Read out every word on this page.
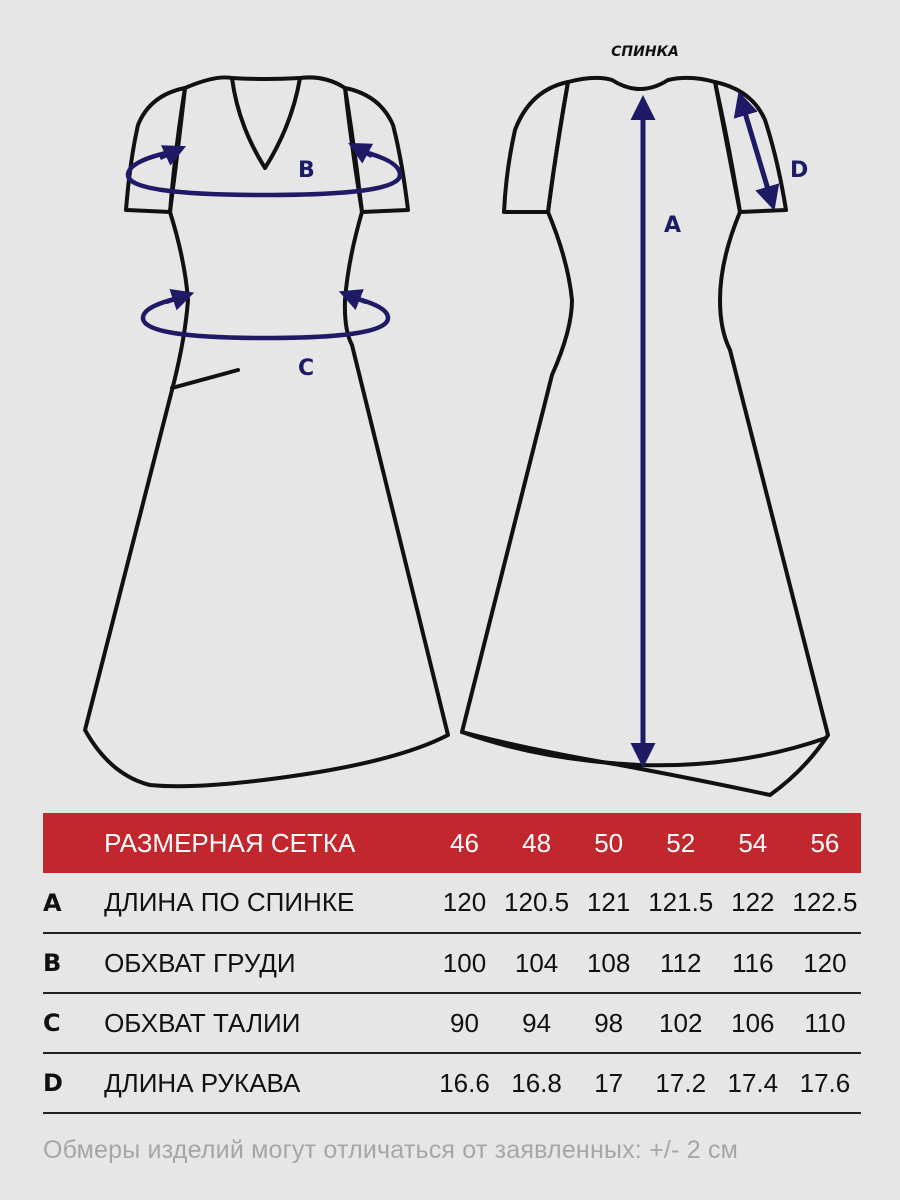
СПИНКА
B
C
A
D
	РАЗМЕРНАЯ СЕТКА	46	48	50	52	54	56
A	ДЛИНА ПО СПИНКЕ	120	120.5	121	121.5	122	122.5
B	ОБХВАТ ГРУДИ	100	104	108	112	116	120
C	ОБХВАТ ТАЛИИ	90	94	98	102	106	110
D	ДЛИНА РУКАВА	16.6	16.8	17	17.2	17.4	17.6
Обмеры изделий могут отличаться от заявленных: +/- 2 см
